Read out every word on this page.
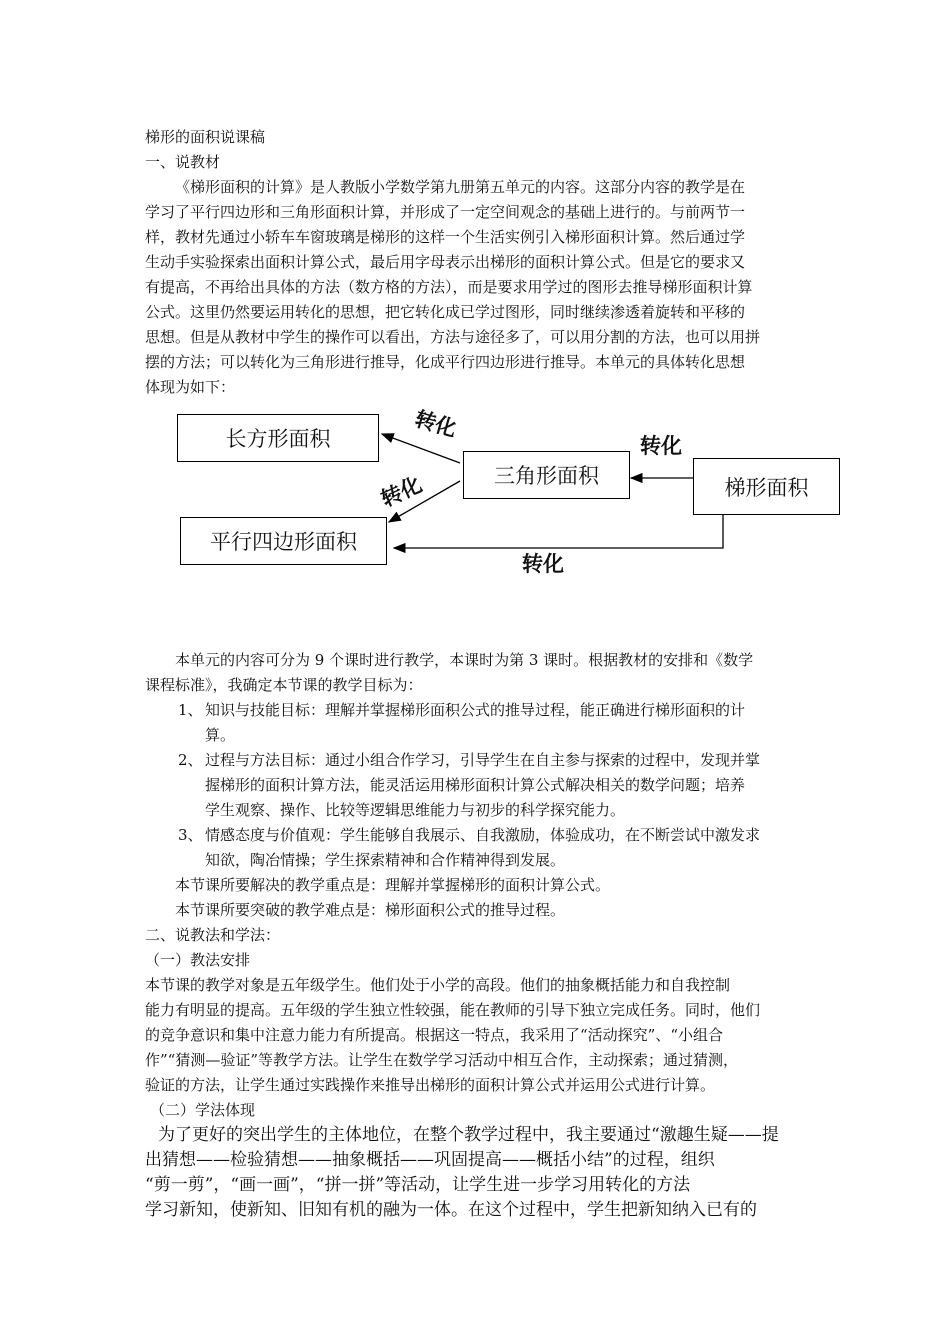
梯形的面积说课稿
一、说教材
《梯形面积的计算》是人教版小学数学第九册第五单元的内容。这部分内容的教学是在
学习了平行四边形和三角形面积计算，并形成了一定空间观念的基础上进行的。与前两节一
样，教材先通过小轿车车窗玻璃是梯形的这样一个生活实例引入梯形面积计算。然后通过学
生动手实验探索出面积计算公式，最后用字母表示出梯形的面积计算公式。但是它的要求又
有提高，不再给出具体的方法（数方格的方法），而是要求用学过的图形去推导梯形面积计算
公式。这里仍然要运用转化的思想，把它转化成已学过图形，同时继续渗透着旋转和平移的
思想。但是从教材中学生的操作可以看出，方法与途径多了，可以用分割的方法，也可以用拼
摆的方法；可以转化为三角形进行推导，化成平行四边形进行推导。本单元的具体转化思想
体现为如下：
长方形面积
平行四边形面积
三角形面积	梯形面积
转化
转化
转化
转化
本单元的内容可分为 9 个课时进行教学，本课时为第 3 课时。根据教材的安排和《数学
课程标准》，我确定本节课的教学目标为：
1、 知识与技能目标：理解并掌握梯形面积公式的推导过程，能正确进行梯形面积的计
算。
2、 过程与方法目标：通过小组合作学习，引导学生在自主参与探索的过程中，发现并掌
握梯形的面积计算方法，能灵活运用梯形面积计算公式解决相关的数学问题；培养
学生观察、操作、比较等逻辑思维能力与初步的科学探究能力。
3、 情感态度与价值观：学生能够自我展示、自我激励，体验成功，在不断尝试中激发求
知欲，陶冶情操；学生探索精神和合作精神得到发展。
本节课所要解决的教学重点是：理解并掌握梯形的面积计算公式。
本节课所要突破的教学难点是：梯形面积公式的推导过程。
二、说教法和学法：
（一）教法安排
本节课的教学对象是五年级学生。他们处于小学的高段。他们的抽象概括能力和自我控制
能力有明显的提高。五年级的学生独立性较强，能在教师的引导下独立完成任务。同时，他们
的竞争意识和集中注意力能力有所提高。根据这一特点，我采用了“活动探究”、“小组合
作”“猜测—验证”等教学方法。让学生在数学学习活动中相互合作，主动探索；通过猜测，
验证的方法，让学生通过实践操作来推导出梯形的面积计算公式并运用公式进行计算。
（二）学法体现
为了更好的突出学生的主体地位，在整个教学过程中，我主要通过“激趣生疑——提
出猜想——检验猜想——抽象概括——巩固提高——概括小结”的过程，组织
“剪一剪”，“画一画”，“拼一拼”等活动，让学生进一步学习用转化的方法
学习新知，使新知、旧知有机的融为一体。在这个过程中，学生把新知纳入已有的
